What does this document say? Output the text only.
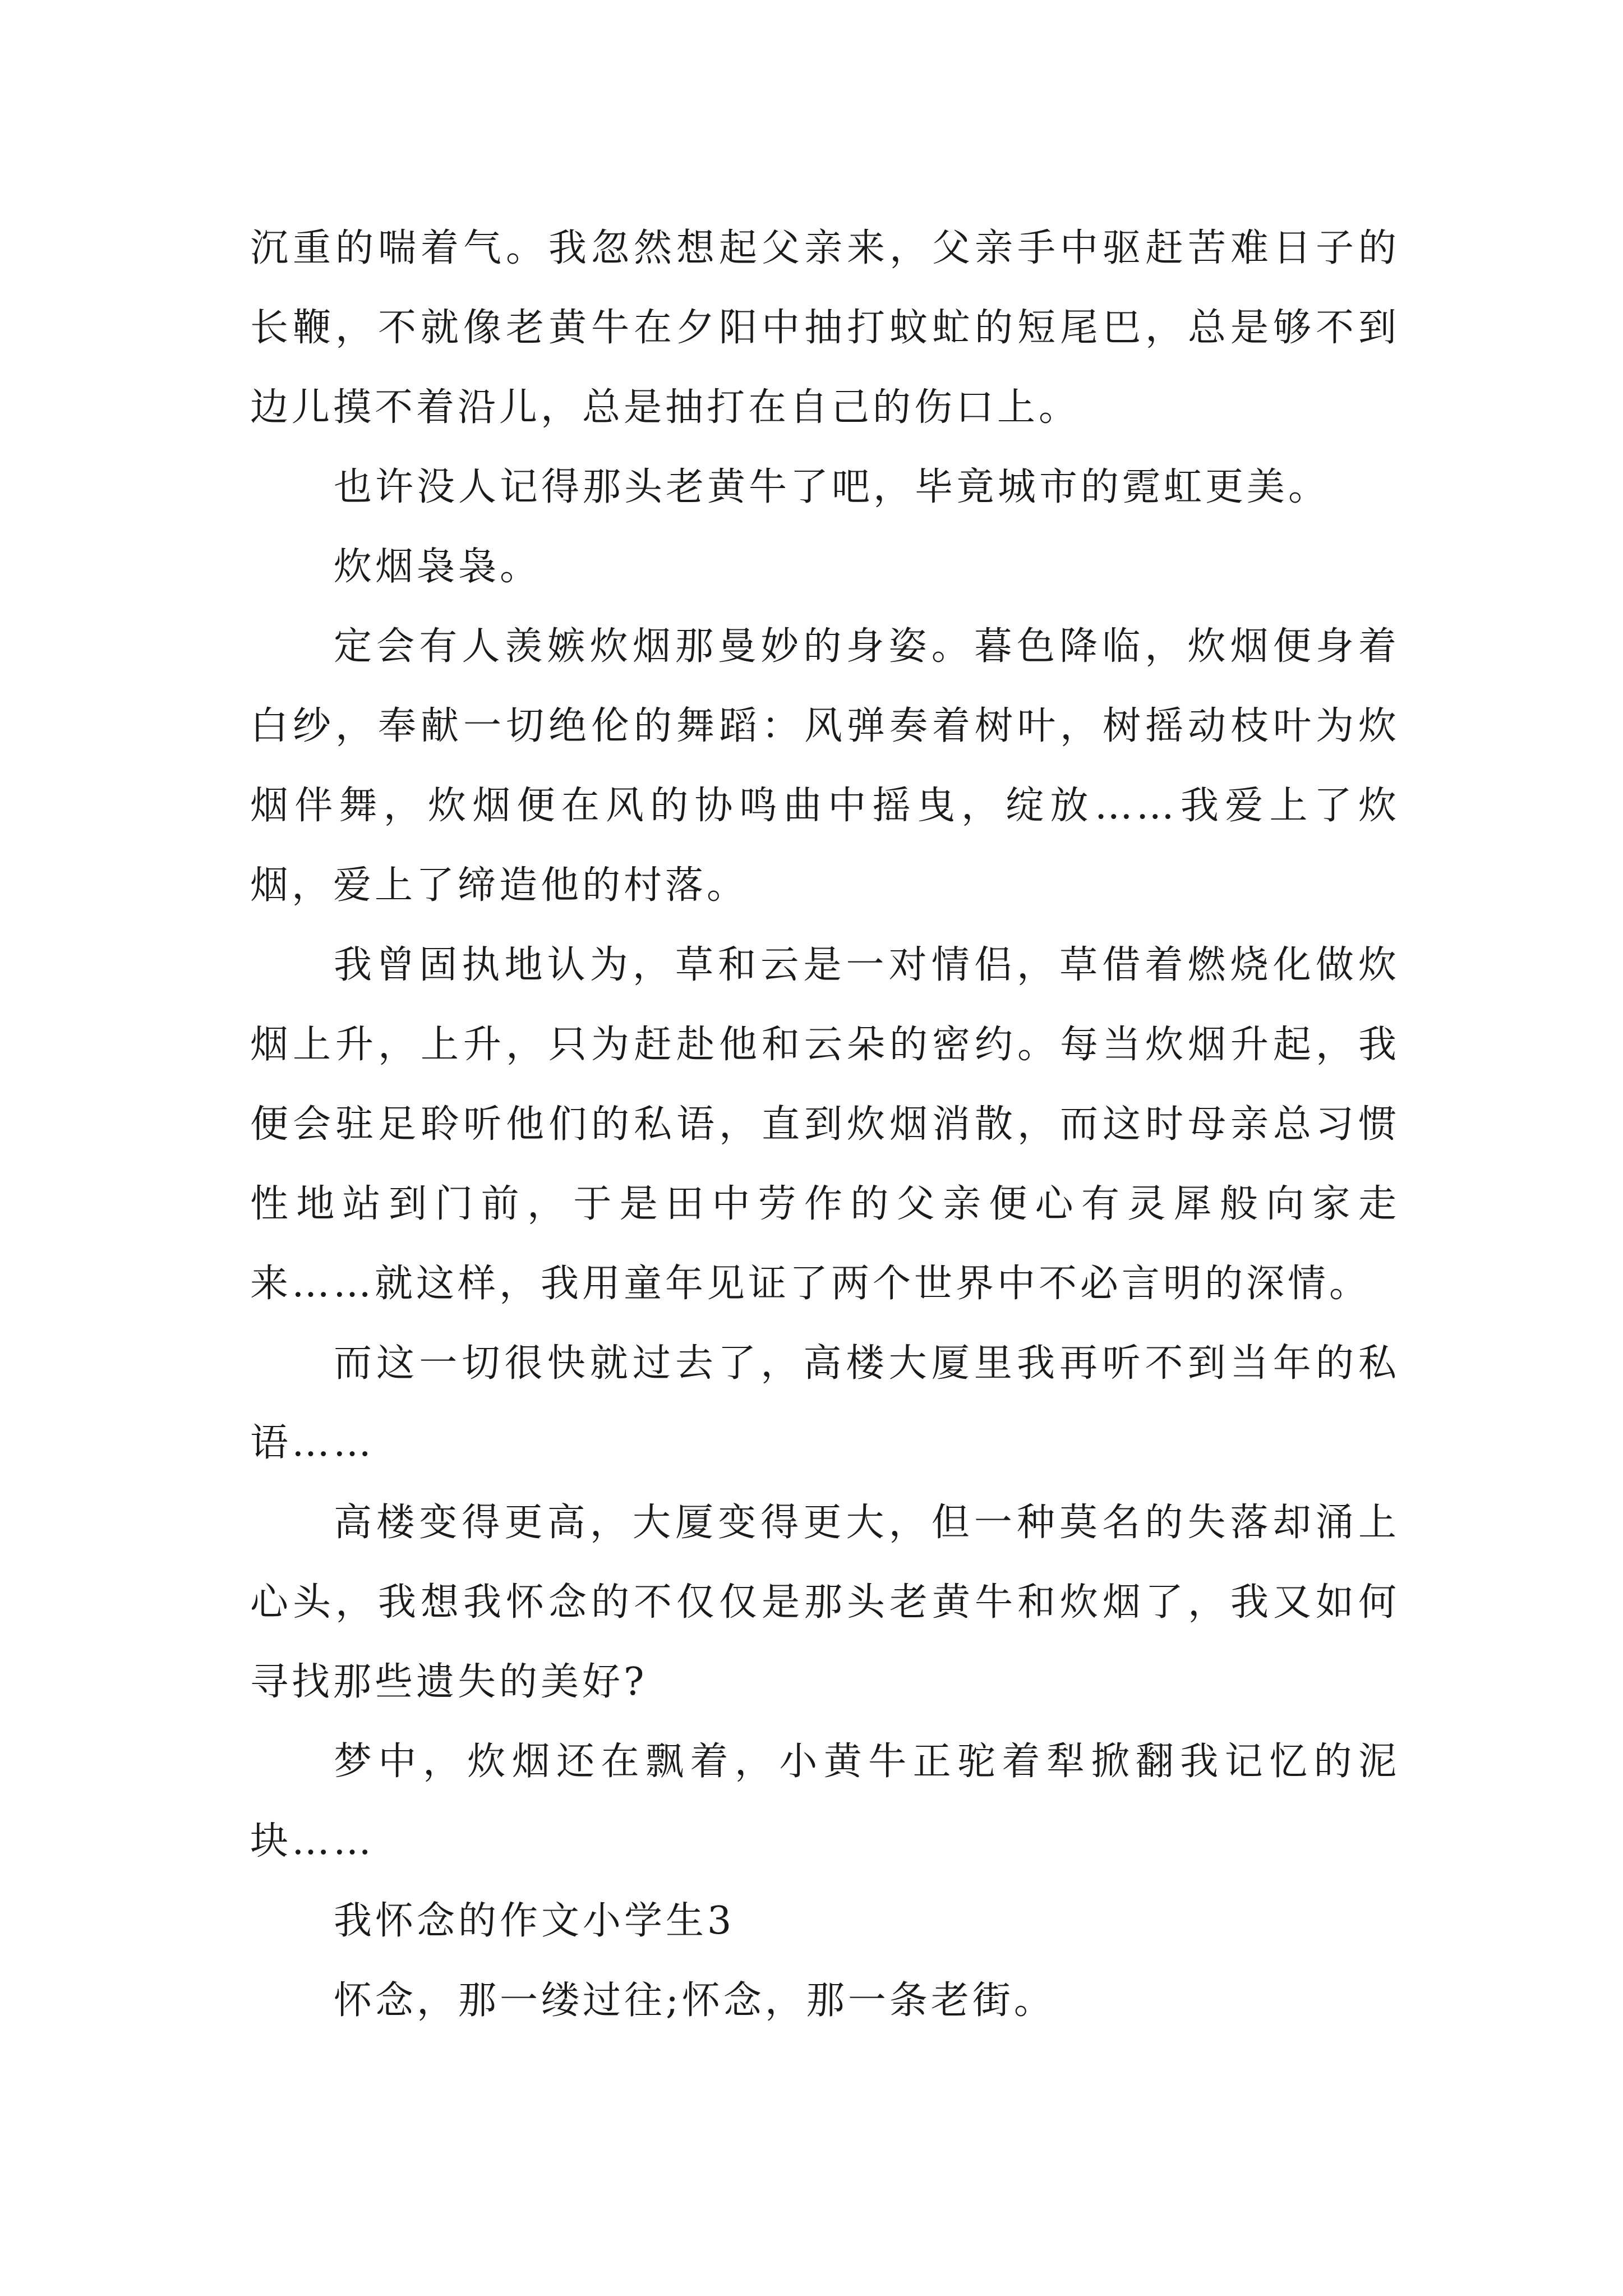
沉重的喘着气。我忽然想起父亲来，父亲手中驱赶苦难日子的长鞭，不就像老黄牛在夕阳中抽打蚊虻的短尾巴，总是够不到边儿摸不着沿儿，总是抽打在自己的伤口上。

也许没人记得那头老黄牛了吧，毕竟城市的霓虹更美。

炊烟袅袅。

定会有人羡嫉炊烟那曼妙的身姿。暮色降临，炊烟便身着白纱，奉献一切绝伦的舞蹈：风弹奏着树叶，树摇动枝叶为炊烟伴舞，炊烟便在风的协鸣曲中摇曳，绽放……我爱上了炊烟，爱上了缔造他的村落。

我曾固执地认为，草和云是一对情侣，草借着燃烧化做炊烟上升，上升，只为赶赴他和云朵的密约。每当炊烟升起，我便会驻足聆听他们的私语，直到炊烟消散，而这时母亲总习惯性地站到门前，于是田中劳作的父亲便心有灵犀般向家走来……就这样，我用童年见证了两个世界中不必言明的深情。

而这一切很快就过去了，高楼大厦里我再听不到当年的私语……

高楼变得更高，大厦变得更大，但一种莫名的失落却涌上心头，我想我怀念的不仅仅是那头老黄牛和炊烟了，我又如何寻找那些遗失的美好?

梦中，炊烟还在飘着，小黄牛正驼着犁掀翻我记忆的泥块……

我怀念的作文小学生3

怀念，那一缕过往;怀念，那一条老街。
